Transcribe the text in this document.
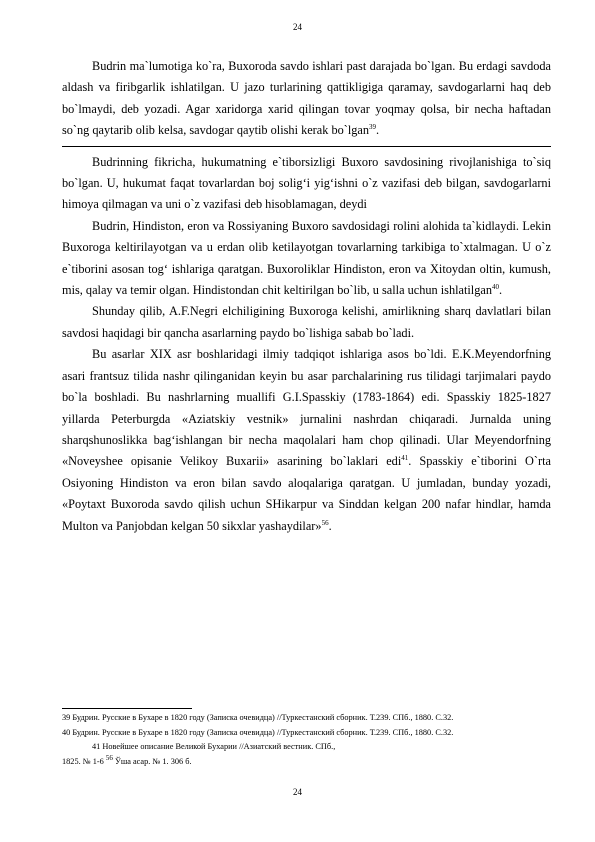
24

Budrin ma`lumotiga ko`ra, Buxoroda savdo ishlari past darajada bo`lgan. Bu erdagi savdoda aldash va firibgarlik ishlatilgan. U jazo turlarining qattikligiga qaramay, savdogarlarni haq deb bo`lmaydi, deb yozadi. Agar xaridorga xarid qilingan tovar yoqmay qolsa, bir necha haftadan so`ng qaytarib olib kelsa, savdogar qaytib olishi kerak bo`lgan$^{39}$.

Budrinning fikricha, hukumatning e`tiborsizligi Buxoro savdosining rivojlanishiga to`siq bo`lgan. U, hukumat faqat tovarlardan boj solig‘i yig‘ishni o`z vazifasi deb bilgan, savdogarlarni himoya qilmagan va uni o`z vazifasi deb hisoblamagan, deydi

Budrin, Hindiston, eron va Rossiyaning Buxoro savdosidagi rolini alohida ta`kidlaydi. Lekin Buxoroga keltirilayotgan va u erdan olib ketilayotgan tovarlarning tarkibiga to`xtalmagan. U o`z e`tiborini asosan tog‘ ishlariga qaratgan. Buxoroliklar Hindiston, eron va Xitoydan oltin, kumush, mis, qalay va temir olgan. Hindistondan chit keltirilgan bo`lib, u salla uchun ishlatilgan$^{40}$.

Shunday qilib, A.F.Negri elchiligining Buxoroga kelishi, amirlikning sharq davlatlari bilan savdosi haqidagi bir qancha asarlarning paydo bo`lishiga sabab bo`ladi.

Bu asarlar XIX asr boshlaridagi ilmiy tadqiqot ishlariga asos bo`ldi. E.K.Meyendorfning asari frantsuz tilida nashr qilinganidan keyin bu asar parchalarining rus tilidagi tarjimalari paydo bo`la boshladi. Bu nashrlarning muallifi G.I.Spasskiy (1783-1864) edi. Spasskiy 1825-1827 yillarda Peterburgda «Aziatskiy vestnik» jurnalini nashrdan chiqaradi. Jurnalda uning sharqshunoslikka bag‘ishlangan bir necha maqolalari ham chop qilinadi. Ular Meyendorfning «Noveyshee opisanie Velikoy Buxarii» asarining bo`laklari edi$^{41}$. Spasskiy e`tiborini O`rta Osiyoning Hindiston va eron bilan savdo aloqalariga qaratgan. U jumladan, bunday yozadi, «Poytaxt Buxoroda savdo qilish uchun SHikarpur va Sinddan kelgan 200 nafar hindlar, hamda Multon va Panjobdan kelgan 50 sikxlar yashaydilar»$^{56}$.

39 Будрин. Русские в Бухаре в 1820 году (Записка очевидца) //Туркестанский сборник. Т.239. СПб., 1880. С.32.
40 Будрин. Русские в Бухаре в 1820 году (Записка очевидца) //Туркестанский сборник. Т.239. СПб., 1880. С.32.
41 Новейшее описание Великой Бухарии //Азиатский вестник. СПб.,
1825. № 1-6 $^{56}$ Ўша асар. № 1. 306 б.
24
